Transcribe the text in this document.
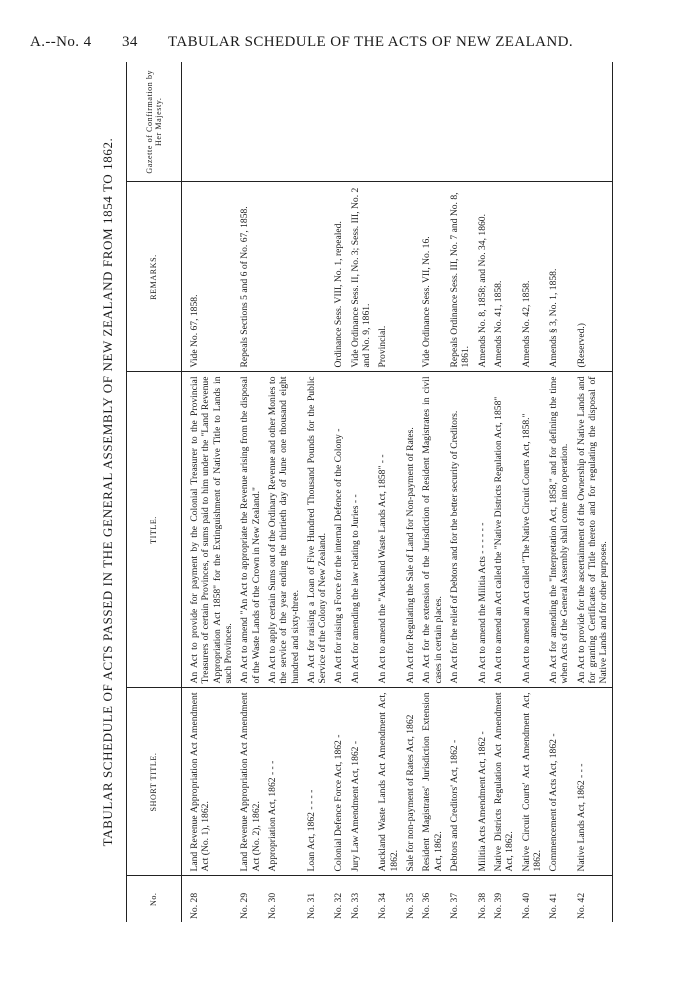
A.--No. 4 34 TABULAR SCHEDULE OF THE ACTS OF NEW ZEALAND.
TABULAR SCHEDULE OF ACTS PASSED IN THE GENERAL ASSEMBLY OF NEW ZEALAND FROM 1854 TO 1862.
No.	SHORT TITLE.	TITLE.	REMARKS.	Gazette of Confirmation by Her Majesty.
No. 28	Land Revenue Appropriation Act Amendment Act (No. 1), 1862.	An Act to provide for payment by the Colonial Treasurer to the Provincial Treasurers of certain Provinces, of sums paid to him under the "Land Revenue Appropriation Act 1858" for the Extinguishment of Native Title to Lands in such Provinces.	Vide No. 67, 1858.	
No. 29	Land Revenue Appropriation Act Amendment Act (No. 2), 1862.	An Act to amend "An Act to appropriate the Revenue arising from the disposal of the Waste Lands of the Crown in New Zealand."	Repeals Sections 5 and 6 of No. 67, 1858.	
No. 30	Appropriation Act, 1862 - - -	An Act to apply certain Sums out of the Ordinary Revenue and other Monies to the service of the year ending the thirtieth day of June one thousand eight hundred and sixty-three.		
No. 31	Loan Act, 1862 - - - -	An Act for raising a Loan of Five Hundred Thousand Pounds for the Public Service of the Colony of New Zealand.		
No. 32	Colonial Defence Force Act, 1862 -	An Act for raising a Force for the internal Defence of the Colony -	Ordinance Sess. VIII, No. 1, repealed.	
No. 33	Jury Law Amendment Act, 1862 -	An Act for amending the law relating to Juries - -	Vide Ordinance Sess. II, No. 3; Sess. III, No. 2 and No. 9, 1861.	
No. 34	Auckland Waste Lands Act Amendment Act, 1862.	An Act to amend the "Auckland Waste Lands Act, 1858" - -	Provincial.	
No. 35	Sale for non-payment of Rates Act, 1862	An Act for Regulating the Sale of Land for Non-payment of Rates.		
No. 36	Resident Magistrates' Jurisdiction Extension Act, 1862.	An Act for the extension of the Jurisdiction of Resident Magistrates in civil cases in certain places.	Vide Ordinance Sess. VII, No. 16.	
No. 37	Debtors and Creditors' Act, 1862 -	An Act for the relief of Debtors and for the better security of Creditors.	Repeals Ordinance Sess. III, No. 7 and No. 8, 1861.	
No. 38	Militia Acts Amendment Act, 1862 -	An Act to amend the Militia Acts - - - - - -	Amends No. 8, 1858; and No. 34, 1860.	
No. 39	Native Districts Regulation Act Amendment Act, 1862.	An Act to amend an Act called the "Native Districts Regulation Act, 1858"	Amends No. 41, 1858.	
No. 40	Native Circuit Courts' Act Amendment Act, 1862.	An Act to amend an Act called "The Native Circuit Courts Act, 1858."	Amends No. 42, 1858.	
No. 41	Commencement of Acts Act, 1862 -	An Act for amending the "Interpretation Act, 1858," and for defining the time when Acts of the General Assembly shall come into operation.	Amends § 3, No. 1, 1858.	
No. 42	Native Lands Act, 1862 - - -	An Act to provide for the ascertainment of the Ownership of Native Lands and for granting Certificates of Title thereto and for regulating the disposal of Native Lands and for other purposes.	(Reserved.)	
